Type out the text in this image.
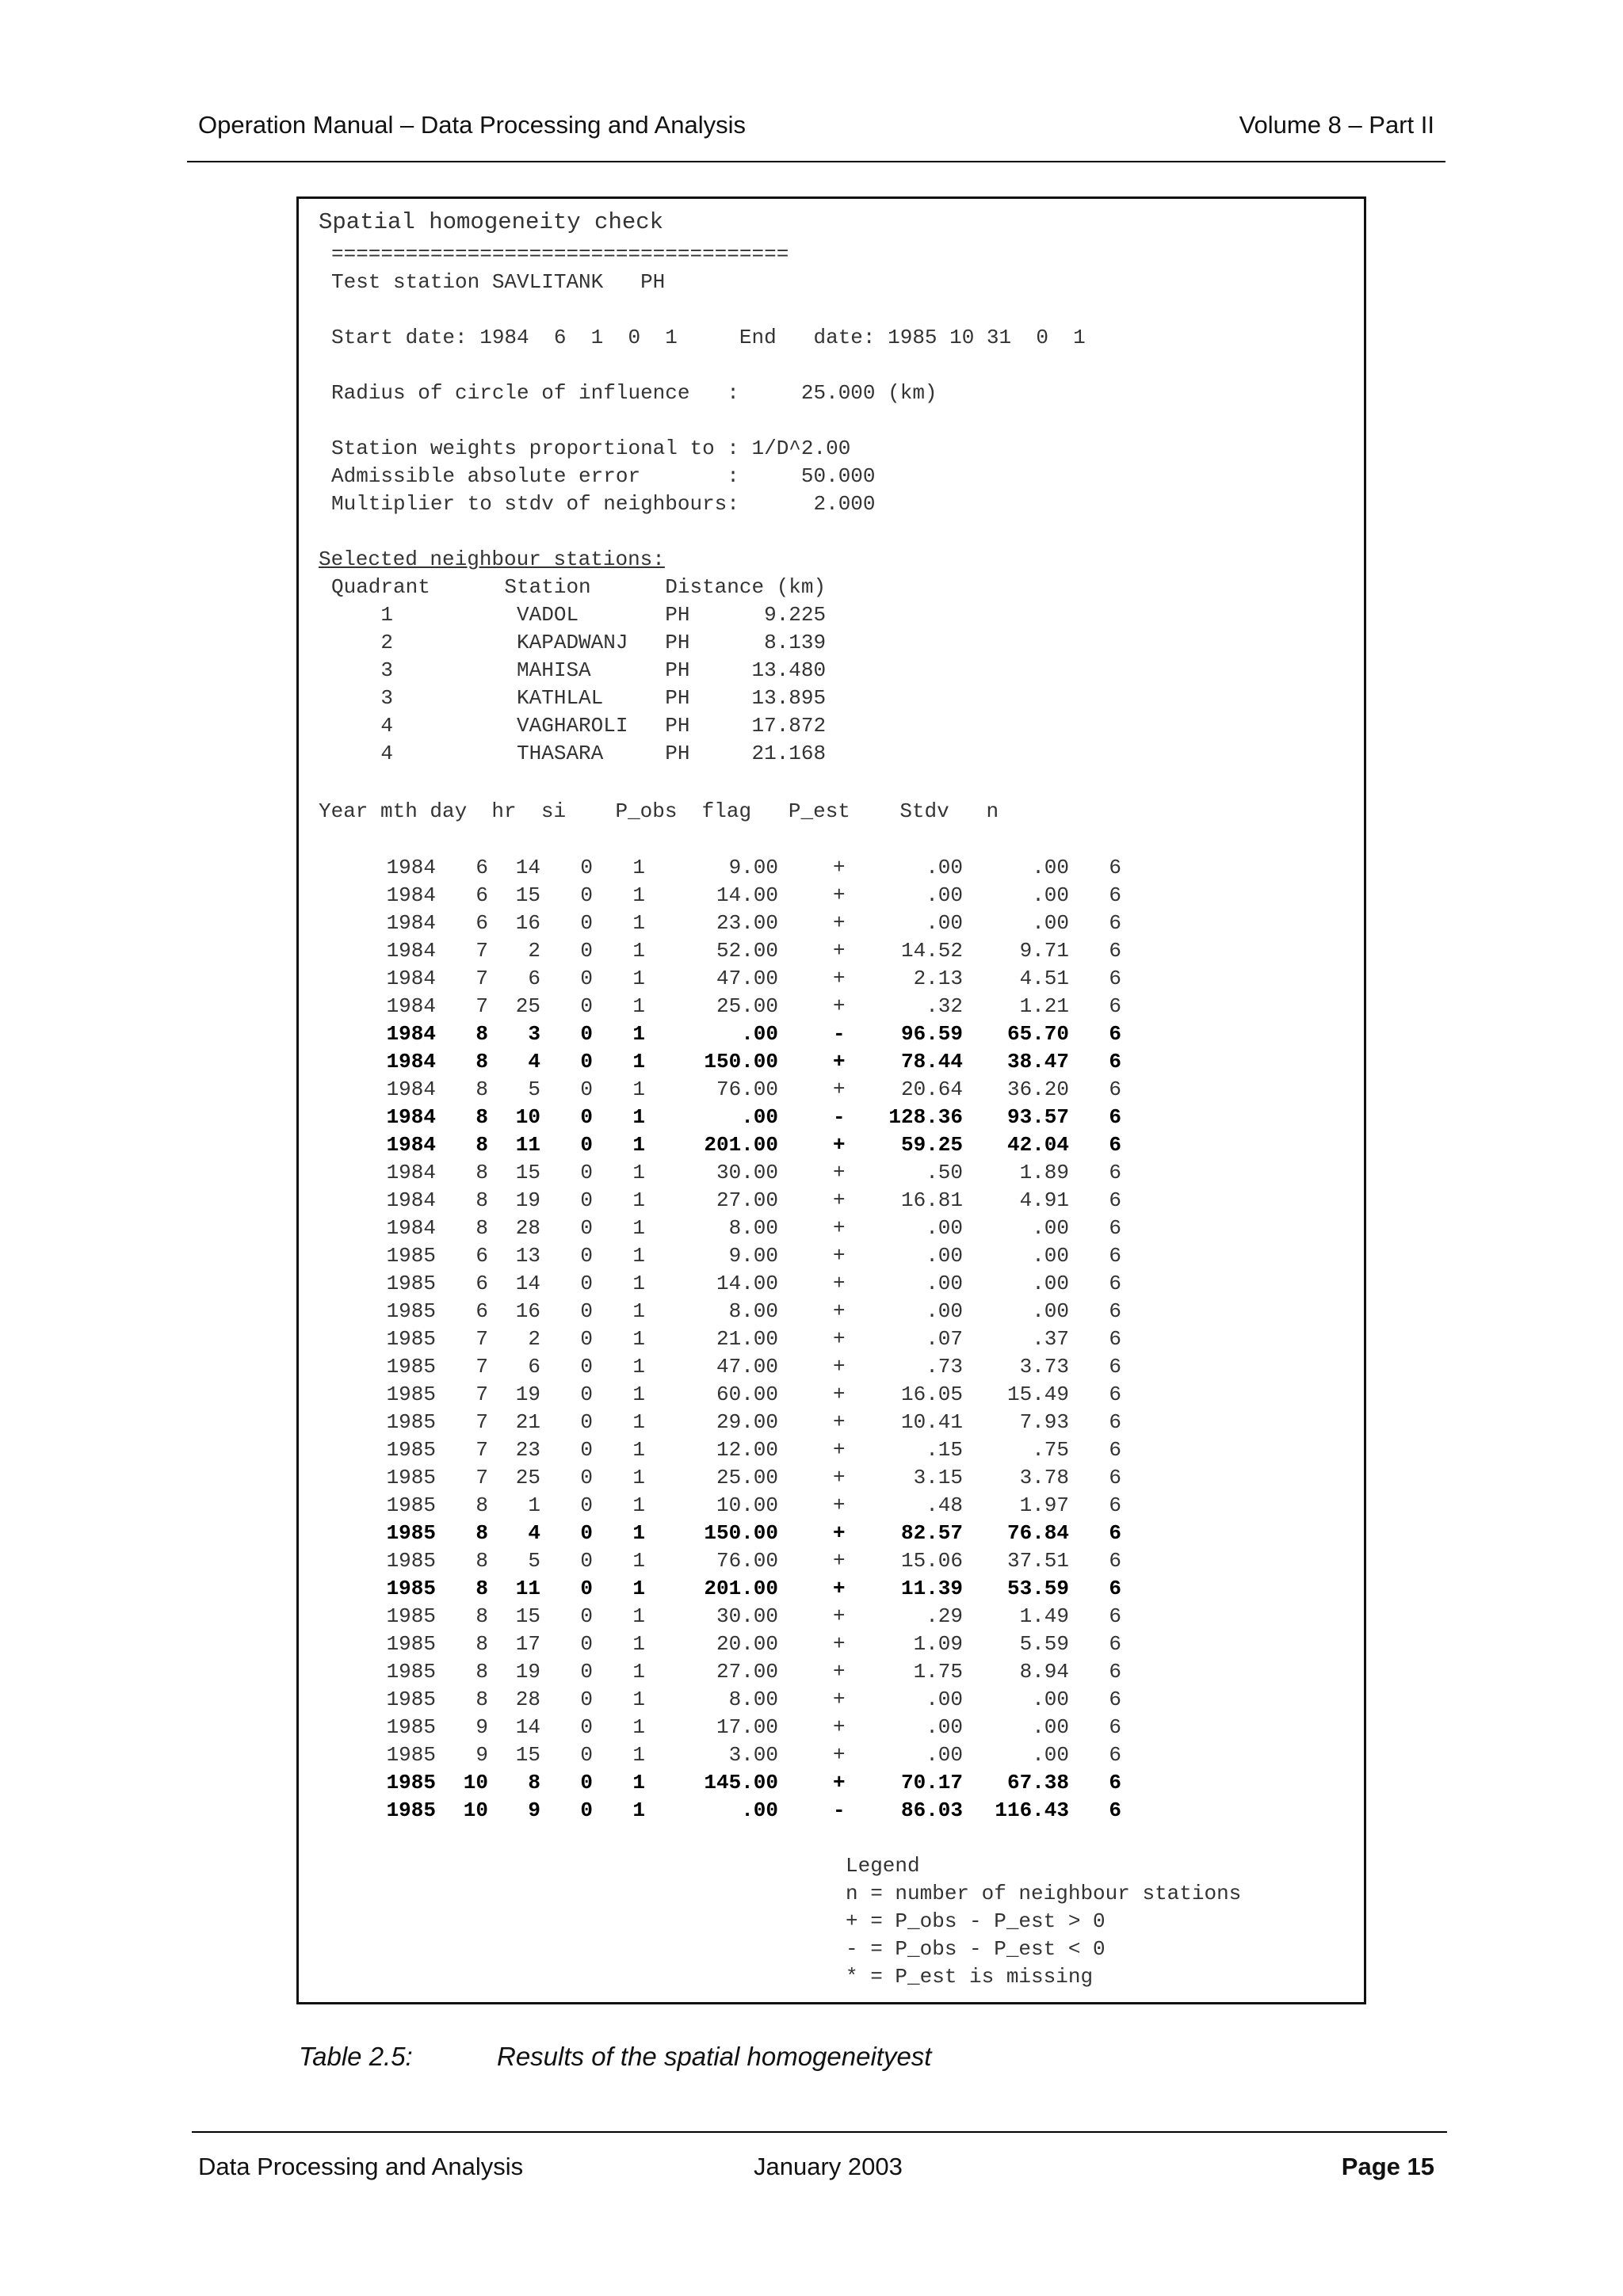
Operation Manual – Data Processing and Analysis	Volume 8 – Part II
Spatial homogeneity check
=====================================
Test station SAVLITANK   PH
Start date: 1984  6  1  0  1     End   date: 1985 10 31  0  1
Radius of circle of influence   :     25.000 (km)
Station weights proportional to : 1/D^2.00
Admissible absolute error       :     50.000
Multiplier to stdv of neighbours:      2.000
Selected neighbour stations:
Quadrant      Station      Distance (km)
1          VADOL       PH      9.225
2          KAPADWANJ   PH      8.139
3          MAHISA      PH     13.480
3          KATHLAL     PH     13.895
4          VAGHAROLI   PH     17.872
4          THASARA     PH     21.168
Year mth day  hr  si    P_obs  flag   P_est    Stdv   n
1984 6 14 0 1	9.00	+	.00	.00 6
1984 6 15 0 1	14.00	+	.00	.00 6
1984 6 16 0 1	23.00	+	.00	.00 6
1984 7 2 0 1	52.00	+	14.52	9.71 6
1984 7 6 0 1	47.00	+	2.13	4.51 6
1984 7 25 0 1	25.00	+	.32	1.21 6
1984 8 3 0 1	.00	-	96.59 65.70 6
1984 8 4 0 1	150.00	+	78.44 38.47 6
1984 8 5 0 1	76.00	+	20.64 36.20 6
1984 8 10 0 1	.00	- 128.36 93.57 6
1984 8 11 0 1	201.00	+	59.25 42.04 6
1984 8 15 0 1	30.00	+	.50	1.89 6
1984 8 19 0 1	27.00	+	16.81	4.91 6
1984 8 28 0 1	8.00	+	.00	.00 6
1985 6 13 0 1	9.00	+	.00	.00 6
1985 6 14 0 1	14.00	+	.00	.00 6
1985 6 16 0 1	8.00	+	.00	.00 6
1985 7 2 0 1	21.00	+	.07	.37 6
1985 7 6 0 1	47.00	+	.73	3.73 6
1985 7 19 0 1	60.00	+	16.05 15.49 6
1985 7 21 0 1	29.00	+	10.41	7.93 6
1985 7 23 0 1	12.00	+	.15	.75 6
1985 7 25 0 1	25.00	+	3.15	3.78 6
1985 8 1 0 1	10.00	+	.48	1.97 6
1985 8 4 0 1	150.00	+	82.57 76.84 6
1985 8 5 0 1	76.00	+	15.06 37.51 6
1985 8 11 0 1	201.00	+	11.39 53.59 6
1985 8 15 0 1	30.00	+	.29	1.49 6
1985 8 17 0 1	20.00	+	1.09	5.59 6
1985 8 19 0 1	27.00	+	1.75	8.94 6
1985 8 28 0 1	8.00	+	.00	.00 6
1985 9 14 0 1	17.00	+	.00	.00 6
1985 9 15 0 1	3.00	+	.00	.00 6
1985 10 8 0 1	145.00	+	70.17 67.38 6
1985 10 9 0 1	.00	-	86.03 116.43 6
Legend
n = number of neighbour stations
+ = P_obs - P_est > 0
- = P_obs - P_est < 0
* = P_est is missing
Table 2.5:	Results of the spatial homogeneityest
Data Processing and Analysis	January 2003	Page 15
